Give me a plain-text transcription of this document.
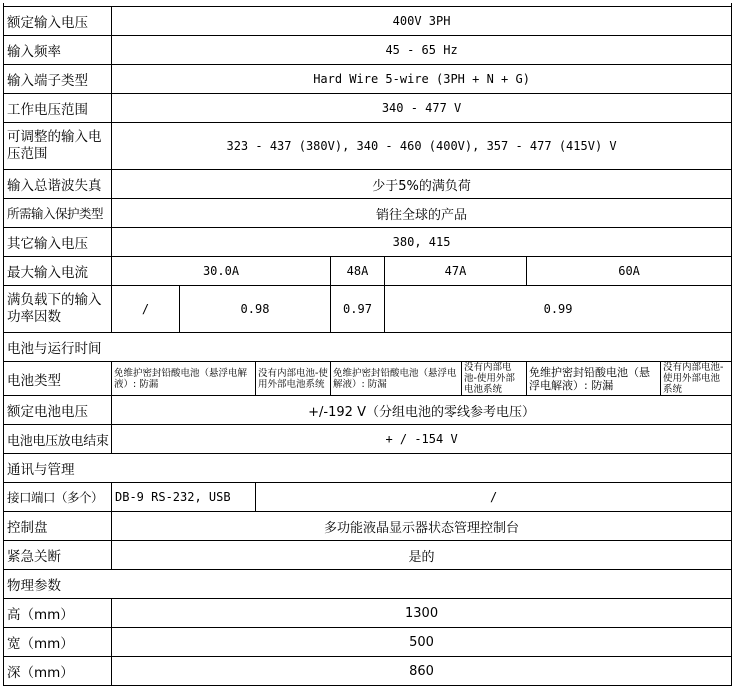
额定输入电压	400V 3PH							
输入频率	45 - 65 Hz							
输入端子类型	Hard Wire 5-wire (3PH + N + G)							
工作电压范围	340 - 477 V							
可调整的输入电压范围	323 - 437 (380V), 340 - 460 (400V), 357 - 477 (415V) V							
输入总谐波失真	少于5%的满负荷							
所需输入保护类型	销往全球的产品							
其它输入电压	380, 415							
最大输入电流	30.0A			48A	47A		60A	
满负载下的输入功率因数	/	0.98		0.97	0.99			
电池与运行时间								
电池类型	免维护密封铅酸电池（悬浮电解液）: 防漏		没有内部电池-使用外部电池系统	免维护密封铅酸电池（悬浮电解液）: 防漏		没有内部电池-使用外部电池系统	免维护密封铅酸电池（悬浮电解液）: 防漏	没有内部电池-使用外部电池系统
额定电池电压	+/-192 V（分组电池的零线参考电压）							
电池电压放电结束	+ / -154 V							
通讯与管理								
接口端口（多个）	DB-9 RS-232, USB		/					
控制盘	多功能液晶显示器状态管理控制台							
紧急关断	是的							
物理参数								
高（mm）	1300							
宽（mm）	500							
深（mm）	860							
